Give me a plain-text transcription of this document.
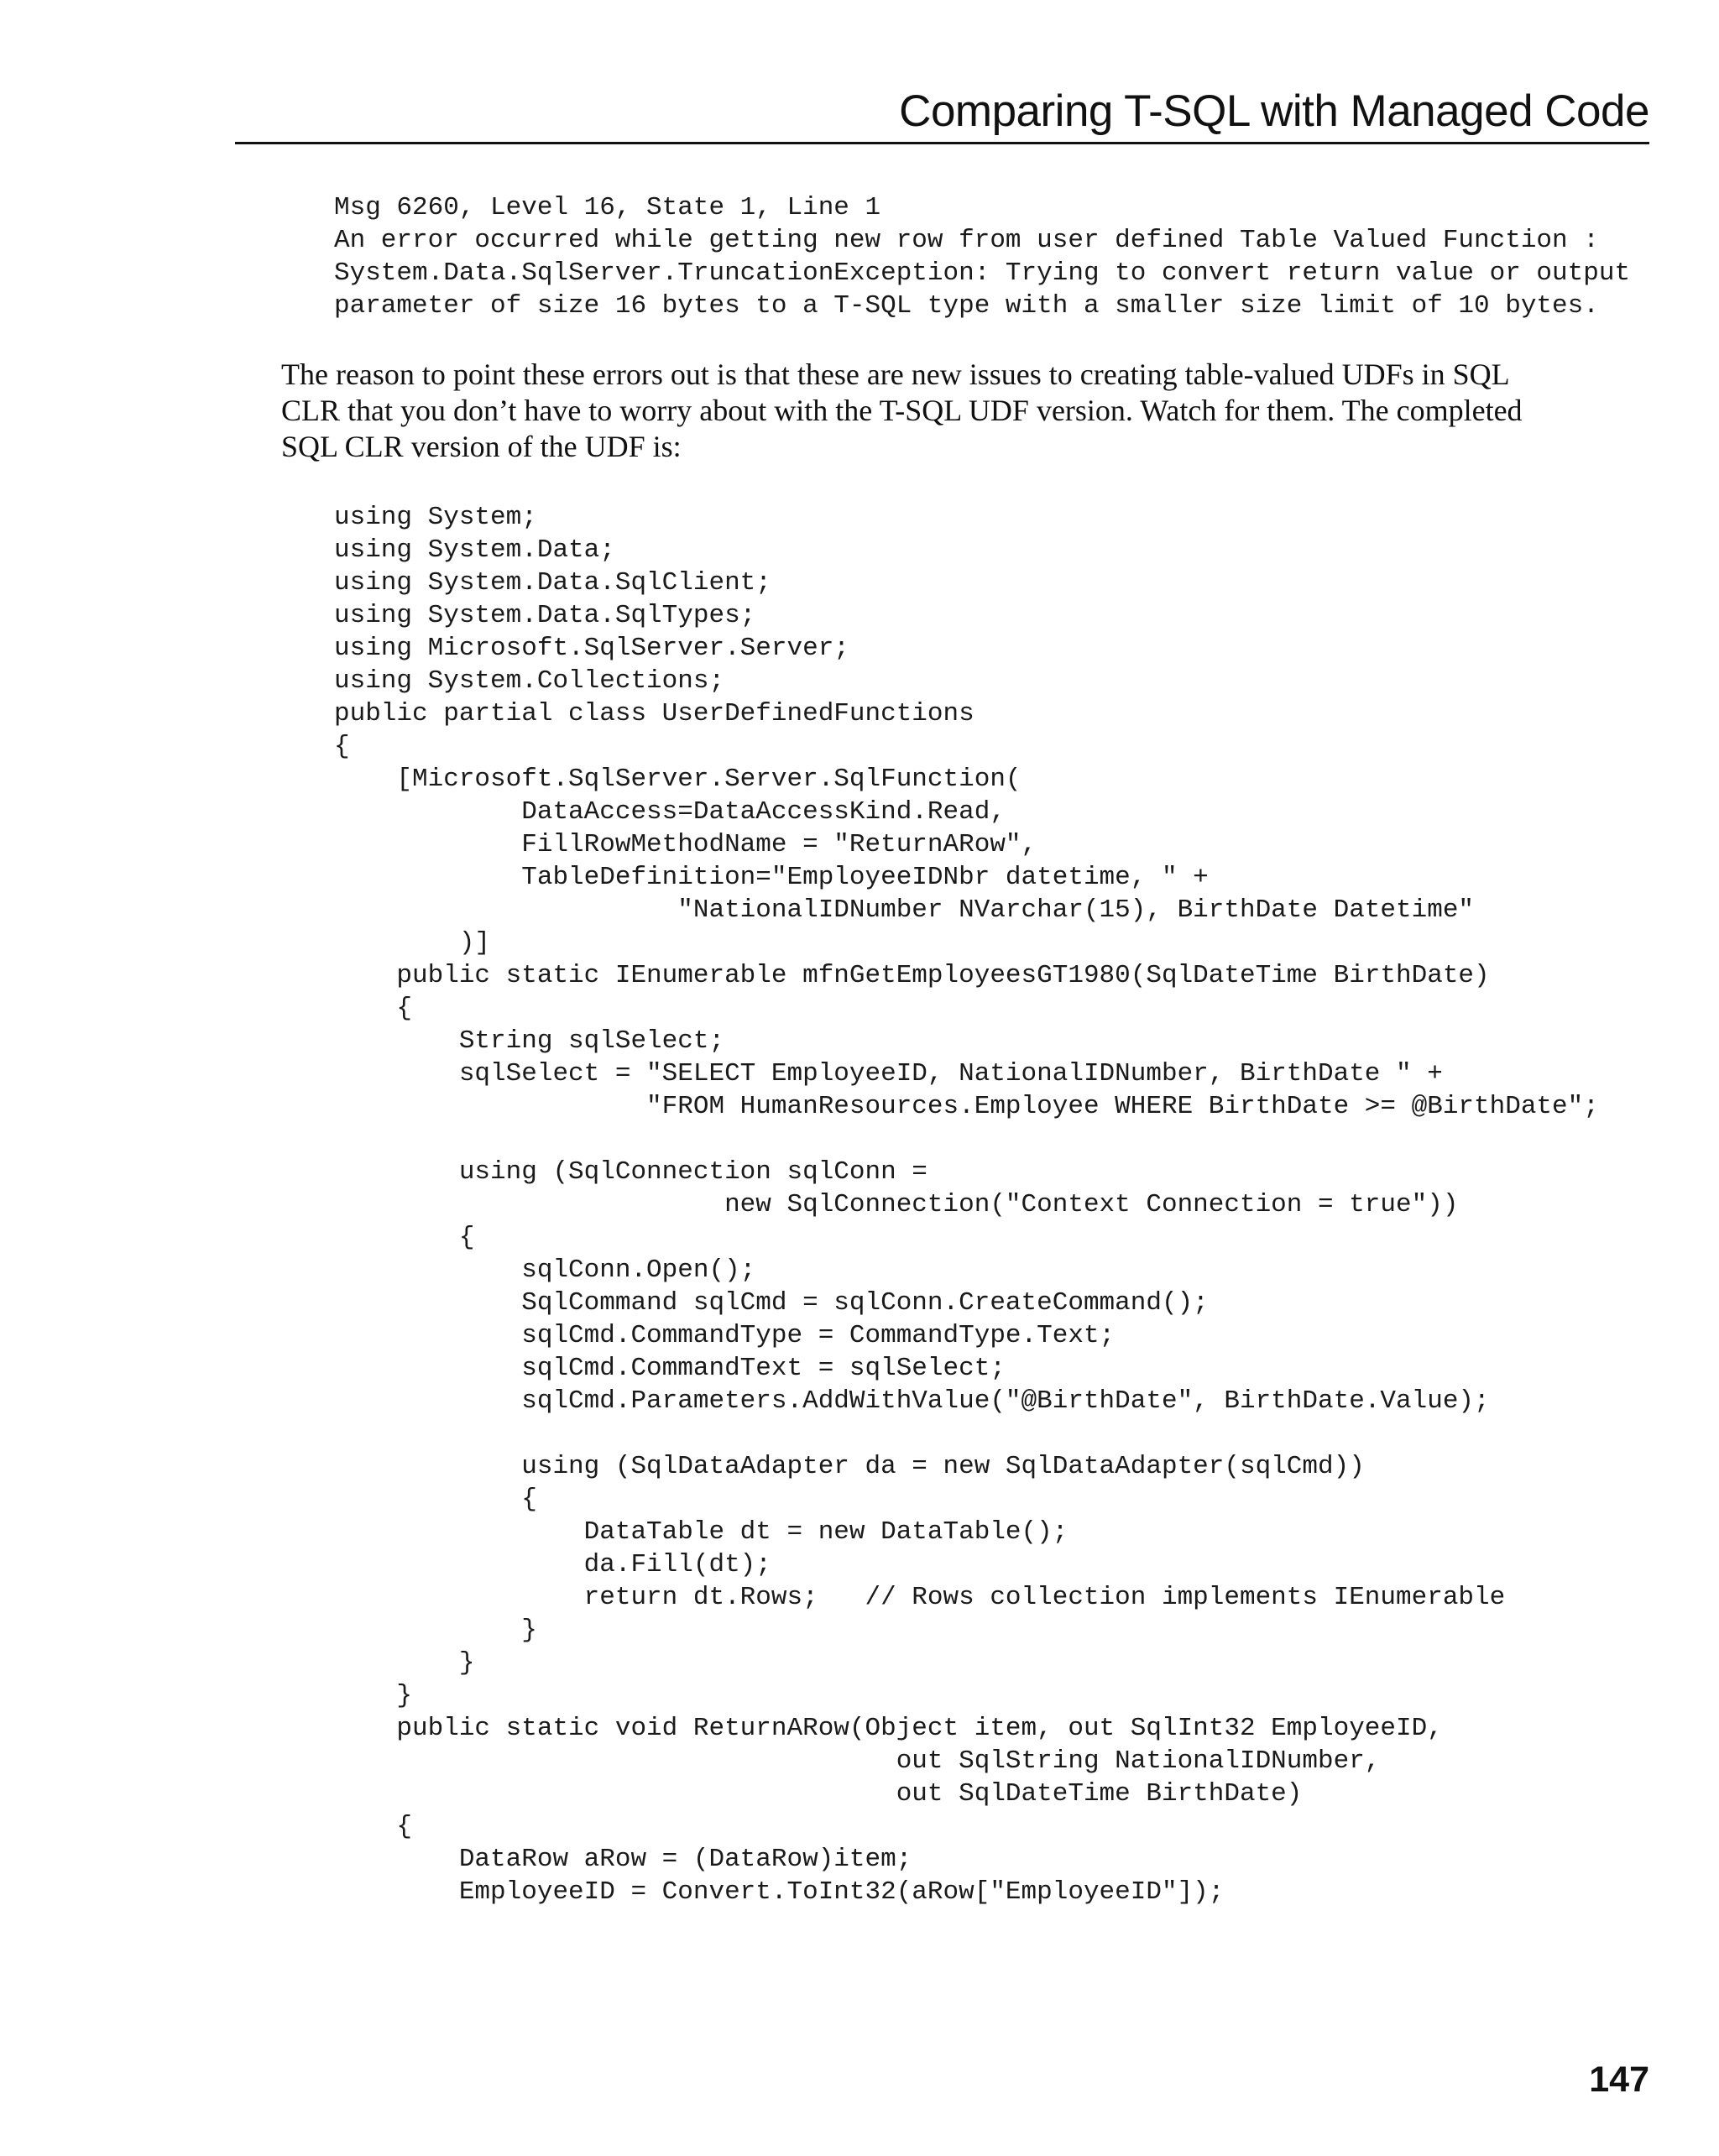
Comparing T-SQL with Managed Code
Msg 6260, Level 16, State 1, Line 1
An error occurred while getting new row from user defined Table Valued Function :
System.Data.SqlServer.TruncationException: Trying to convert return value or output
parameter of size 16 bytes to a T-SQL type with a smaller size limit of 10 bytes.

The reason to point these errors out is that these are new issues to creating table-valued UDFs in SQL
CLR that you don’t have to worry about with the T-SQL UDF version. Watch for them. The completed
SQL CLR version of the UDF is:

using System;
using System.Data;
using System.Data.SqlClient;
using System.Data.SqlTypes;
using Microsoft.SqlServer.Server;
using System.Collections;
public partial class UserDefinedFunctions
{
[Microsoft.SqlServer.Server.SqlFunction(
DataAccess=DataAccessKind.Read,
FillRowMethodName = "ReturnARow",
TableDefinition="EmployeeIDNbr datetime, " +
"NationalIDNumber NVarchar(15), BirthDate Datetime"
)]
public static IEnumerable mfnGetEmployeesGT1980(SqlDateTime BirthDate)
{
String sqlSelect;
sqlSelect = "SELECT EmployeeID, NationalIDNumber, BirthDate " +
"FROM HumanResources.Employee WHERE BirthDate >= @BirthDate";
using (SqlConnection sqlConn =
new SqlConnection("Context Connection = true"))
{
sqlConn.Open();
SqlCommand sqlCmd = sqlConn.CreateCommand();
sqlCmd.CommandType = CommandType.Text;
sqlCmd.CommandText = sqlSelect;
sqlCmd.Parameters.AddWithValue("@BirthDate", BirthDate.Value);
using (SqlDataAdapter da = new SqlDataAdapter(sqlCmd))
{
DataTable dt = new DataTable();
da.Fill(dt);
return dt.Rows;   // Rows collection implements IEnumerable
}
}
}
public static void ReturnARow(Object item, out SqlInt32 EmployeeID,
out SqlString NationalIDNumber,
out SqlDateTime BirthDate)
{
DataRow aRow = (DataRow)item;
EmployeeID = Convert.ToInt32(aRow["EmployeeID"]);
147
